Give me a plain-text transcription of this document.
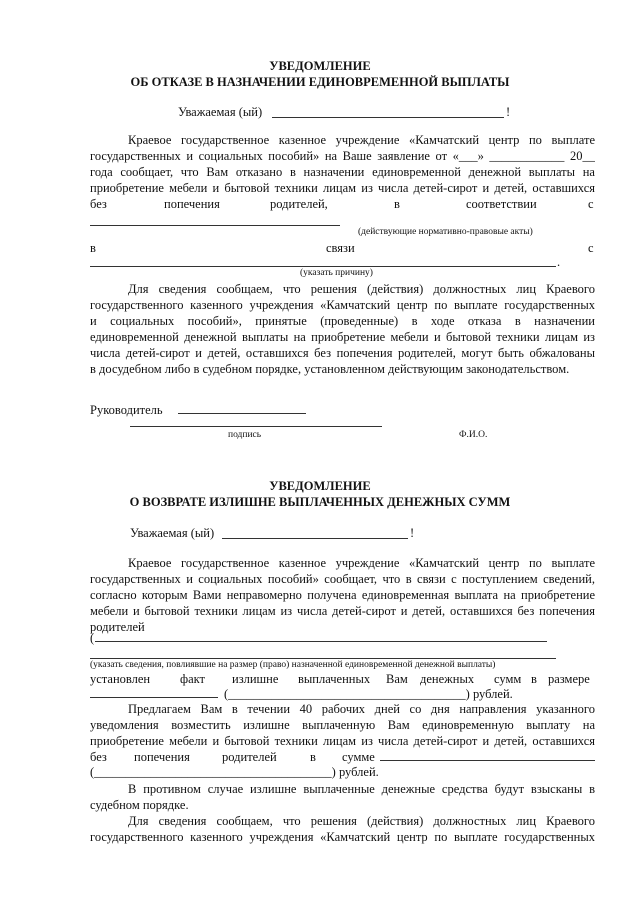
УВЕДОМЛЕНИЕ
ОБ ОТКАЗЕ В НАЗНАЧЕНИИ ЕДИНОВРЕМЕННОЙ ВЫПЛАТЫ
Уважаемая (ый)	!
Краевое государственное казенное учреждение «Камчатский центр по выплате
государственных и социальных пособий» на Ваше заявление от «___» ____________ 20__
года сообщает, что Вам отказано в назначении единовременной денежной выплаты на
приобретение мебели и бытовой техники лицам из числа детей-сирот и детей, оставшихся
без	попечения	родителей,	в	соответствии	с
(действующие нормативно-правовые акты)
в	связи	с
.
(указать причину)
Для сведения сообщаем, что решения (действия) должностных лиц Краевого
государственного казенного учреждения «Камчатский центр по выплате государственных
и социальных пособий», принятые (проведенные) в ходе отказа в назначении
единовременной денежной выплаты на приобретение мебели и бытовой техники лицам из
числа детей-сирот и детей, оставшихся без попечения родителей, могут быть обжалованы
в досудебном либо в судебном порядке, установленном действующим законодательством.
Руководитель
подпись	Ф.И.О.
УВЕДОМЛЕНИЕ
О ВОЗВРАТЕ ИЗЛИШНЕ ВЫПЛАЧЕННЫХ ДЕНЕЖНЫХ СУММ
Уважаемая (ый)	!
Краевое государственное казенное учреждение «Камчатский центр по выплате
государственных и социальных пособий» сообщает, что в связи с поступлением сведений,
согласно которым Вами неправомерно получена единовременная выплата на приобретение
мебели и бытовой техники лицам из числа детей-сирот и детей, оставшихся без попечения
родителей
(
(указать сведения, повлиявшие на размер (право) назначенной единовременной денежной выплаты)
установлен факт излишне выплаченных Вам денежных сумм в размере
(______________________________________) рублей.
Предлагаем Вам в течении 40 рабочих дней со дня направления указанного
уведомления возместить излишне выплаченную Вам единовременную выплату на
приобретение мебели и бытовой техники лицам из числа детей-сирот и детей, оставшихся
без попечения	родителей	в сумме
(______________________________________) рублей.
В противном случае излишне выплаченные денежные средства будут взысканы в
судебном порядке.
Для сведения сообщаем, что решения (действия) должностных лиц Краевого
государственного казенного учреждения «Камчатский центр по выплате государственных
